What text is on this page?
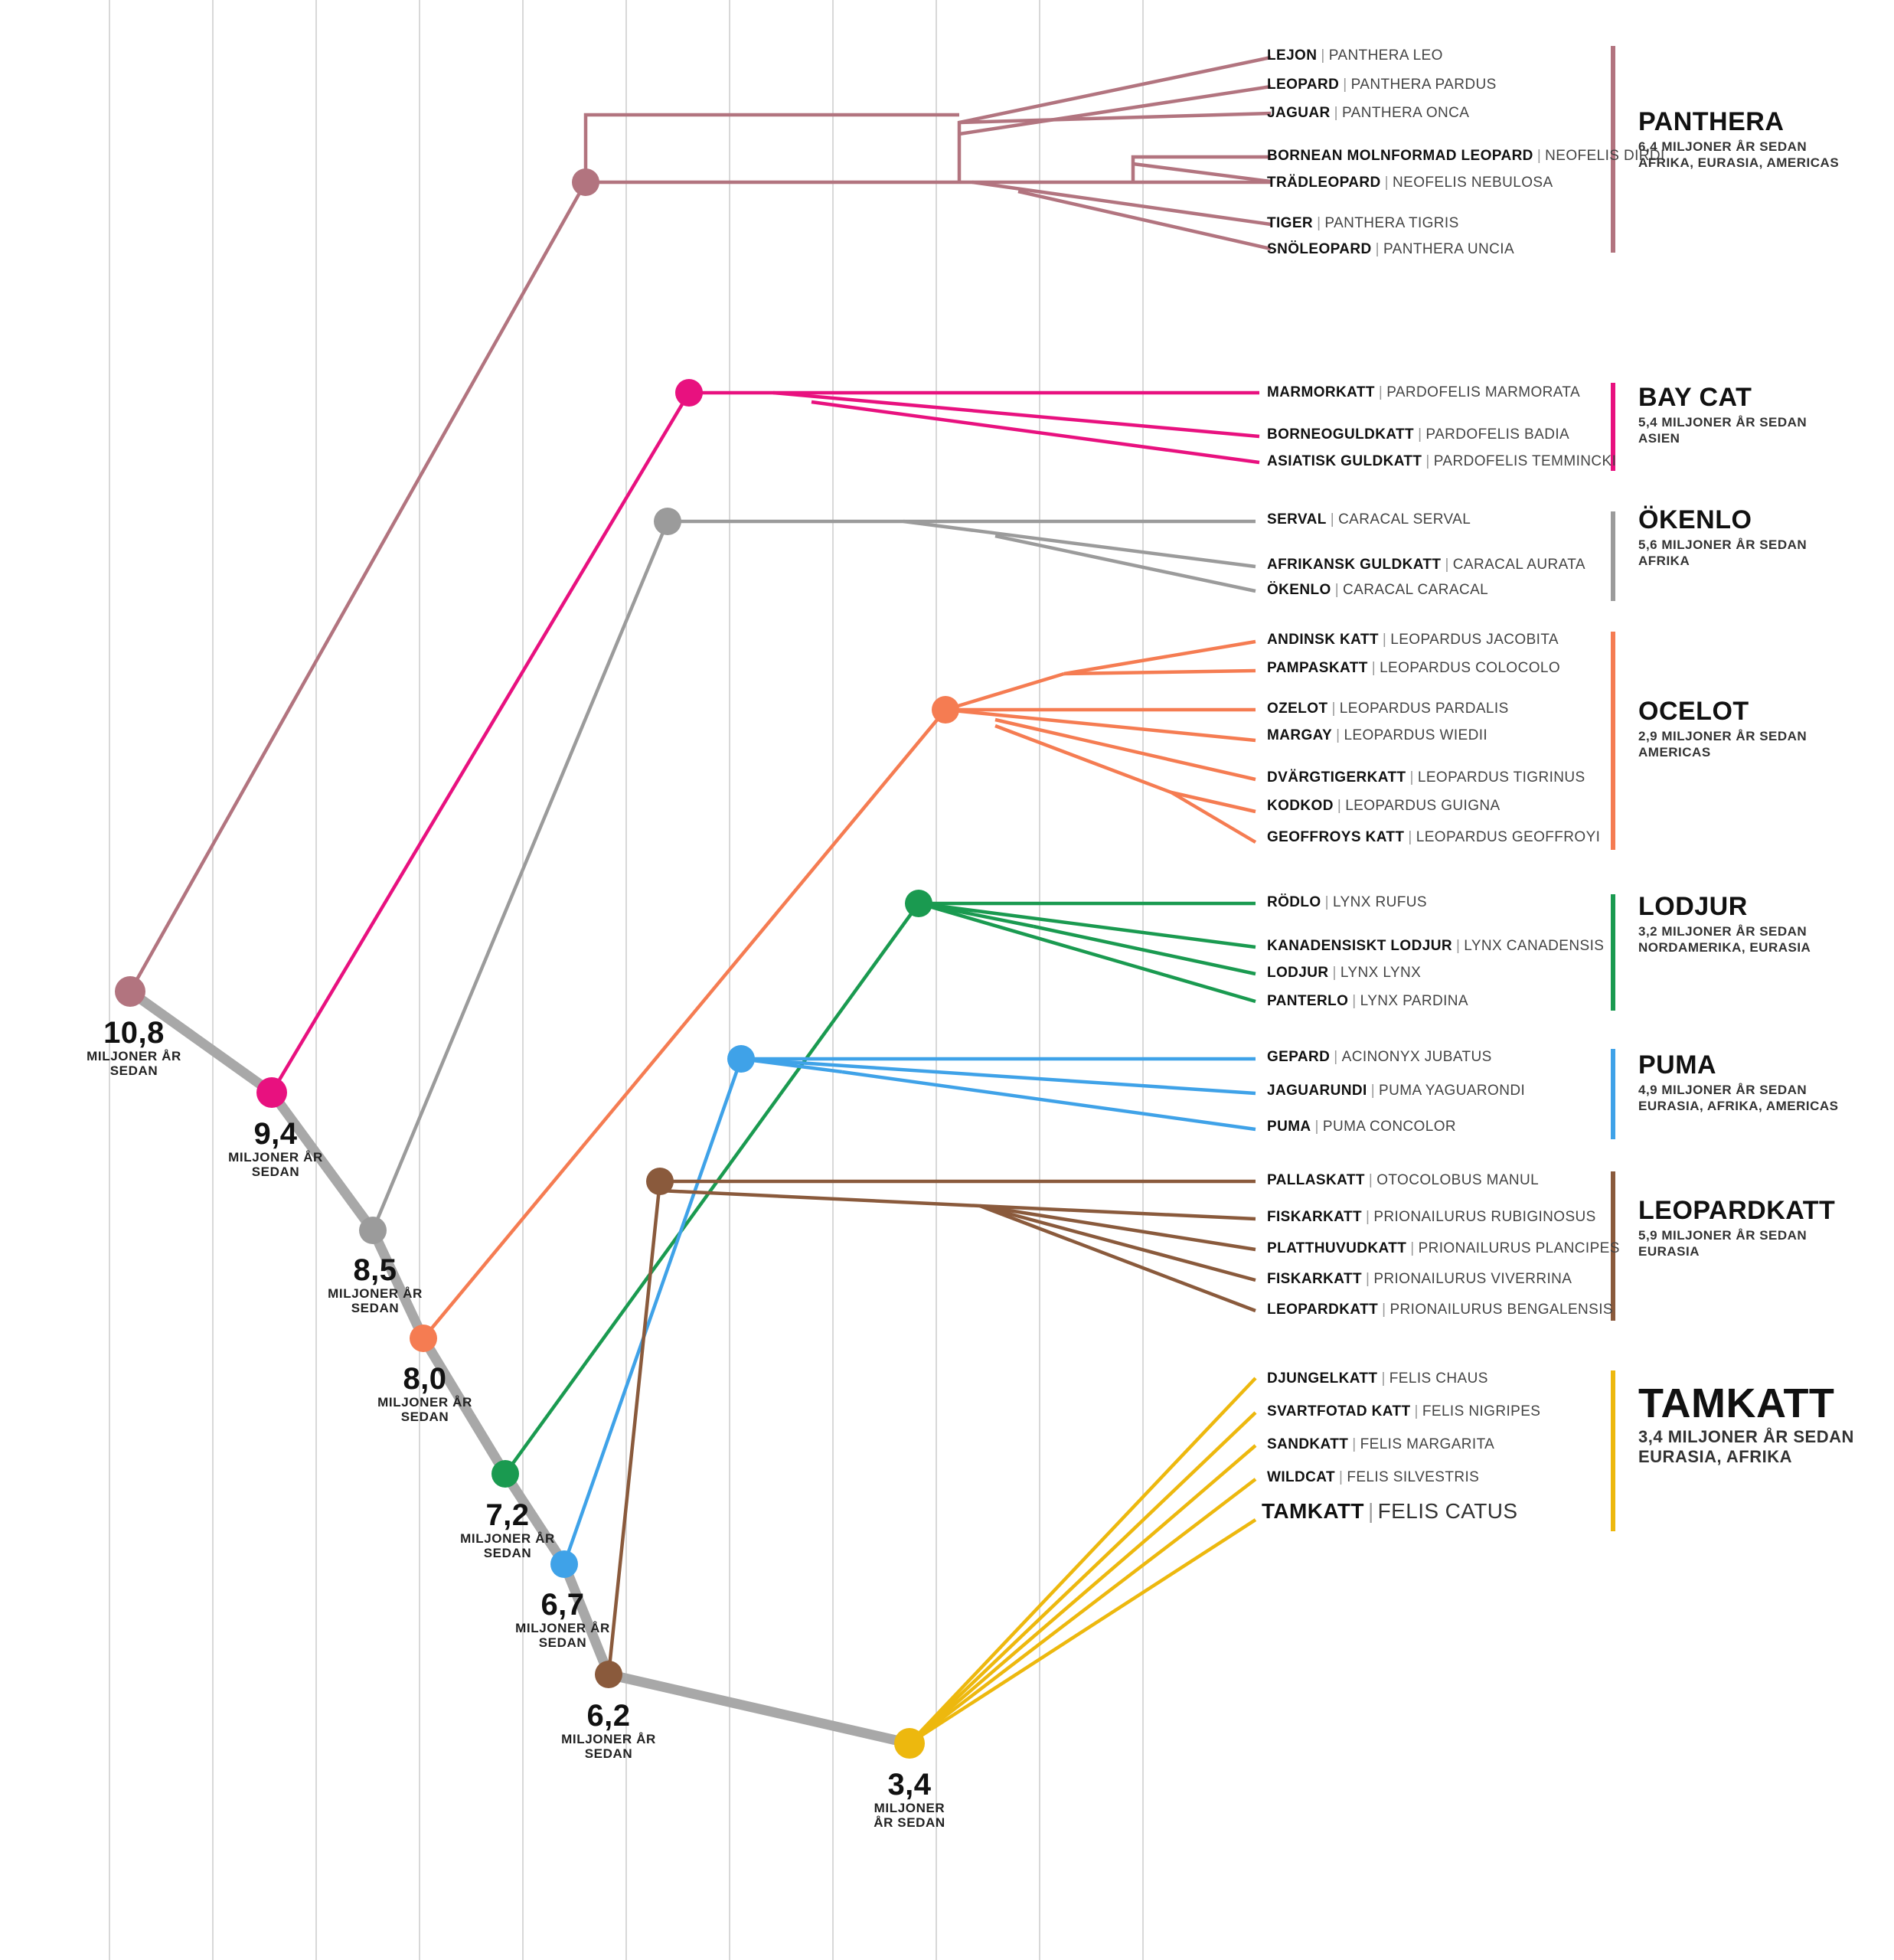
10,8
MILJONER ÅR
SEDAN
9,4
MILJONER ÅR
SEDAN
8,5
MILJONER ÅR
SEDAN
8,0
MILJONER ÅR
SEDAN
7,2
MILJONER ÅR
SEDAN
6,7
MILJONER ÅR
SEDAN
6,2
MILJONER ÅR
SEDAN
3,4
MILJONER
ÅR SEDAN
LEJON | PANTHERA LEO
LEOPARD | PANTHERA PARDUS
JAGUAR | PANTHERA ONCA
BORNEAN MOLNFORMAD LEOPARD | NEOFELIS DIRDI
TRÄDLEOPARD | NEOFELIS NEBULOSA
TIGER | PANTHERA TIGRIS
SNÖLEOPARD | PANTHERA UNCIA
MARMORKATT | PARDOFELIS MARMORATA
BORNEOGULDKATT | PARDOFELIS BADIA
ASIATISK GULDKATT | PARDOFELIS TEMMINCKI
SERVAL | CARACAL SERVAL
AFRIKANSK GULDKATT | CARACAL AURATA
ÖKENLO | CARACAL CARACAL
ANDINSK KATT | LEOPARDUS JACOBITA
PAMPASKATT | LEOPARDUS COLOCOLO
OZELOT | LEOPARDUS PARDALIS
MARGAY | LEOPARDUS WIEDII
DVÄRGTIGERKATT | LEOPARDUS TIGRINUS
KODKOD | LEOPARDUS GUIGNA
GEOFFROYS KATT | LEOPARDUS GEOFFROYI
RÖDLO | LYNX RUFUS
KANADENSISKT LODJUR | LYNX CANADENSIS
LODJUR | LYNX LYNX
PANTERLO | LYNX PARDINA
GEPARD | ACINONYX JUBATUS
JAGUARUNDI | PUMA YAGUARONDI
PUMA | PUMA CONCOLOR
PALLASKATT | OTOCOLOBUS MANUL
FISKARKATT | PRIONAILURUS RUBIGINOSUS
PLATTHUVUDKATT | PRIONAILURUS PLANCIPES
FISKARKATT | PRIONAILURUS VIVERRINA
LEOPARDKATT | PRIONAILURUS BENGALENSIS
DJUNGELKATT | FELIS CHAUS
SVARTFOTAD KATT | FELIS NIGRIPES
SANDKATT | FELIS MARGARITA
WILDCAT | FELIS SILVESTRIS
TAMKATT | FELIS CATUS
PANTHERA
6,4 MILJONER ÅR SEDAN
AFRIKA, EURASIA, AMERICAS
BAY CAT
5,4 MILJONER ÅR SEDAN
ASIEN
ÖKENLO
5,6 MILJONER ÅR SEDAN
AFRIKA
OCELOT
2,9 MILJONER ÅR SEDAN
AMERICAS
LODJUR
3,2 MILJONER ÅR SEDAN
NORDAMERIKA, EURASIA
PUMA
4,9 MILJONER ÅR SEDAN
EURASIA, AFRIKA, AMERICAS
LEOPARDKATT
5,9 MILJONER ÅR SEDAN
EURASIA
TAMKATT
3,4 MILJONER ÅR SEDAN
EURASIA, AFRIKA
